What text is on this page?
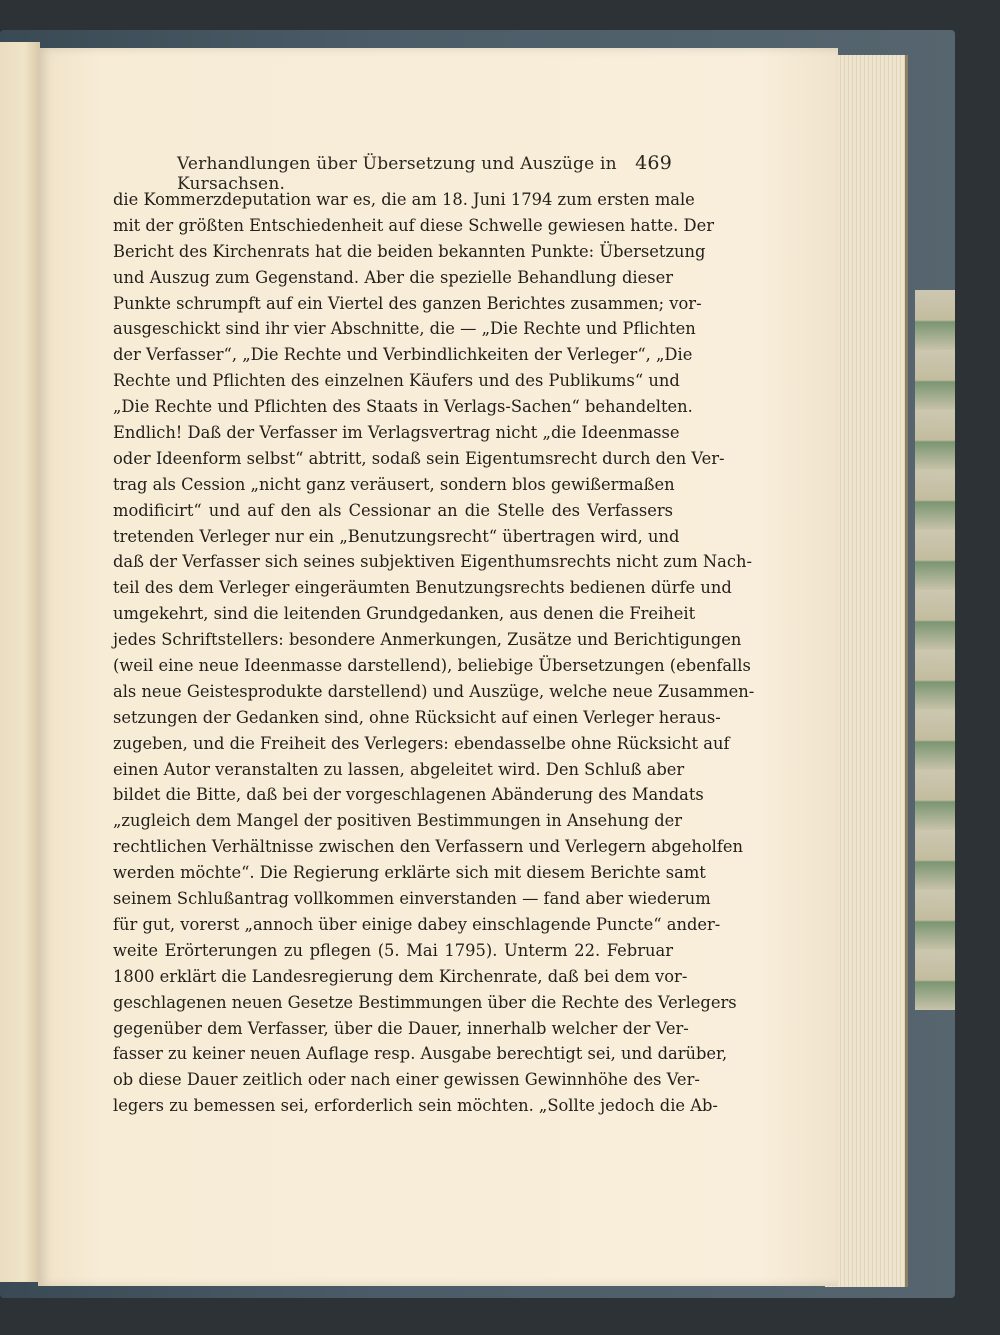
Verhandlungen über Übersetzung und Auszüge in Kursachsen.
469
die Kommerzdeputation war es, die am 18. Juni 1794 zum ersten male
mit der größten Entschiedenheit auf diese Schwelle gewiesen hatte. Der
Bericht des Kirchenrats hat die beiden bekannten Punkte: Übersetzung
und Auszug zum Gegenstand. Aber die spezielle Behandlung dieser
Punkte schrumpft auf ein Viertel des ganzen Berichtes zusammen; vor-
ausgeschickt sind ihr vier Abschnitte, die — „Die Rechte und Pflichten
der Verfasser“, „Die Rechte und Verbindlichkeiten der Verleger“, „Die
Rechte und Pflichten des einzelnen Käufers und des Publikums“ und
„Die Rechte und Pflichten des Staats in Verlags-Sachen“ behandelten.
Endlich! Daß der Verfasser im Verlagsvertrag nicht „die Ideenmasse
oder Ideenform selbst“ abtritt, sodaß sein Eigentumsrecht durch den Ver-
trag als Cession „nicht ganz veräusert, sondern blos gewißermaßen
modificirt“ und auf den als Cessionar an die Stelle des Verfassers
tretenden Verleger nur ein „Benutzungsrecht“ übertragen wird, und
daß der Verfasser sich seines subjektiven Eigenthumsrechts nicht zum Nach-
teil des dem Verleger eingeräumten Benutzungsrechts bedienen dürfe und
umgekehrt, sind die leitenden Grundgedanken, aus denen die Freiheit
jedes Schriftstellers: besondere Anmerkungen, Zusätze und Berichtigungen
(weil eine neue Ideenmasse darstellend), beliebige Übersetzungen (ebenfalls
als neue Geistesprodukte darstellend) und Auszüge, welche neue Zusammen-
setzungen der Gedanken sind, ohne Rücksicht auf einen Verleger heraus-
zugeben, und die Freiheit des Verlegers: ebendasselbe ohne Rücksicht auf
einen Autor veranstalten zu lassen, abgeleitet wird. Den Schluß aber
bildet die Bitte, daß bei der vorgeschlagenen Abänderung des Mandats
„zugleich dem Mangel der positiven Bestimmungen in Ansehung der
rechtlichen Verhältnisse zwischen den Verfassern und Verlegern abgeholfen
werden möchte“. Die Regierung erklärte sich mit diesem Berichte samt
seinem Schlußantrag vollkommen einverstanden — fand aber wiederum
für gut, vorerst „annoch über einige dabey einschlagende Puncte“ ander-
weite Erörterungen zu pflegen (5. Mai 1795). Unterm 22. Februar
1800 erklärt die Landesregierung dem Kirchenrate, daß bei dem vor-
geschlagenen neuen Gesetze Bestimmungen über die Rechte des Verlegers
gegenüber dem Verfasser, über die Dauer, innerhalb welcher der Ver-
fasser zu keiner neuen Auflage resp. Ausgabe berechtigt sei, und darüber,
ob diese Dauer zeitlich oder nach einer gewissen Gewinnhöhe des Ver-
legers zu bemessen sei, erforderlich sein möchten. „Sollte jedoch die Ab-
